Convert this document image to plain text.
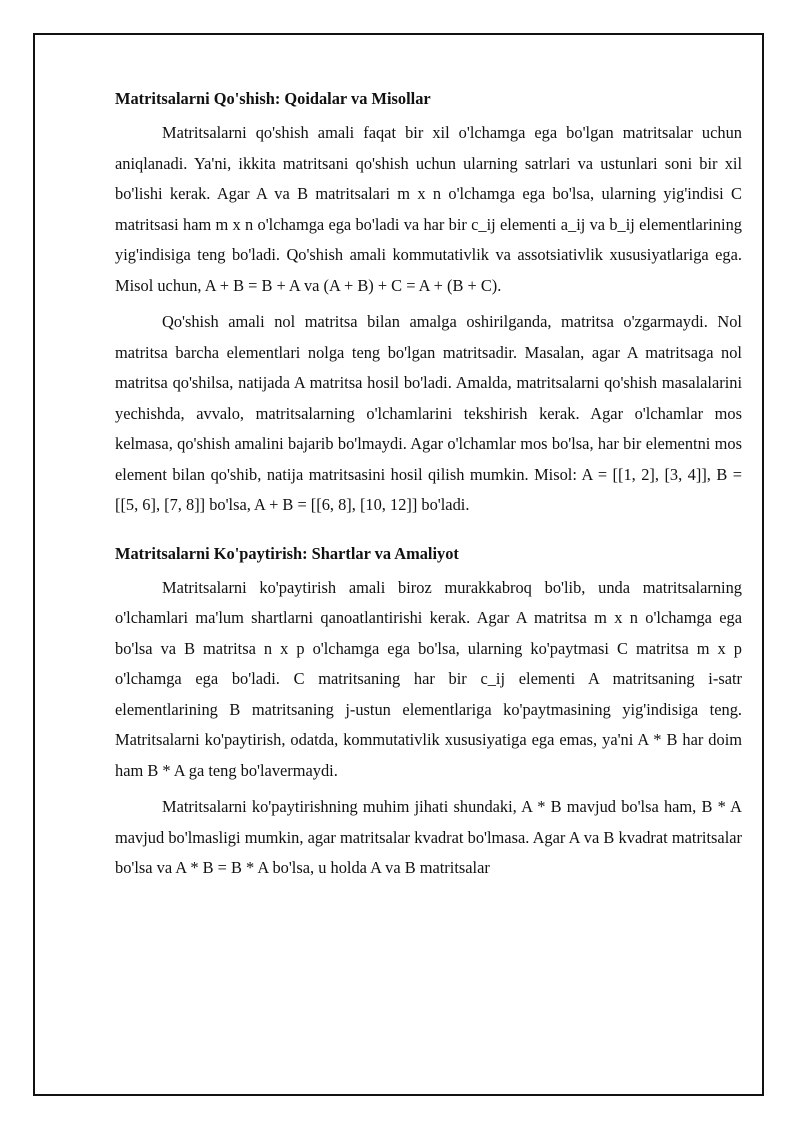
Matritsalarni Qo'shish: Qoidalar va Misollar

Matritsalarni qo'shish amali faqat bir xil o'lchamga ega bo'lgan matritsalar uchun aniqlanadi. Ya'ni, ikkita matritsani qo'shish uchun ularning satrlari va ustunlari soni bir xil bo'lishi kerak. Agar A va B matritsalari m x n o'lchamga ega bo'lsa, ularning yig'indisi C matritsasi ham m x n o'lchamga ega bo'ladi va har bir c_ij elementi a_ij va b_ij elementlarining yig'indisiga teng bo'ladi. Qo'shish amali kommutativlik va assotsiativlik xususiyatlariga ega. Misol uchun, A + B = B + A va (A + B) + C = A + (B + C).

Qo'shish amali nol matritsa bilan amalga oshirilganda, matritsa o'zgarmaydi. Nol matritsa barcha elementlari nolga teng bo'lgan matritsadir. Masalan, agar A matritsaga nol matritsa qo'shilsa, natijada A matritsa hosil bo'ladi. Amalda, matritsalarni qo'shish masalalarini yechishda, avvalo, matritsalarning o'lchamlarini tekshirish kerak. Agar o'lchamlar mos kelmasa, qo'shish amalini bajarib bo'lmaydi. Agar o'lchamlar mos bo'lsa, har bir elementni mos element bilan qo'shib, natija matritsasini hosil qilish mumkin. Misol: A = [[1, 2], [3, 4]], B = [[5, 6], [7, 8]] bo'lsa, A + B = [[6, 8], [10, 12]] bo'ladi.

Matritsalarni Ko'paytirish: Shartlar va Amaliyot

Matritsalarni ko'paytirish amali biroz murakkabroq bo'lib, unda matritsalarning o'lchamlari ma'lum shartlarni qanoatlantirishi kerak. Agar A matritsa m x n o'lchamga ega bo'lsa va B matritsa n x p o'lchamga ega bo'lsa, ularning ko'paytmasi C matritsa m x p o'lchamga ega bo'ladi. C matritsaning har bir c_ij elementi A matritsaning i-satr elementlarining B matritsaning j-ustun elementlariga ko'paytmasining yig'indisiga teng. Matritsalarni ko'paytirish, odatda, kommutativlik xususiyatiga ega emas, ya'ni A * B har doim ham B * A ga teng bo'lavermaydi.

Matritsalarni ko'paytirishning muhim jihati shundaki, A * B mavjud bo'lsa ham, B * A mavjud bo'lmasligi mumkin, agar matritsalar kvadrat bo'lmasa. Agar A va B kvadrat matritsalar bo'lsa va A * B = B * A bo'lsa, u holda A va B matritsalar
